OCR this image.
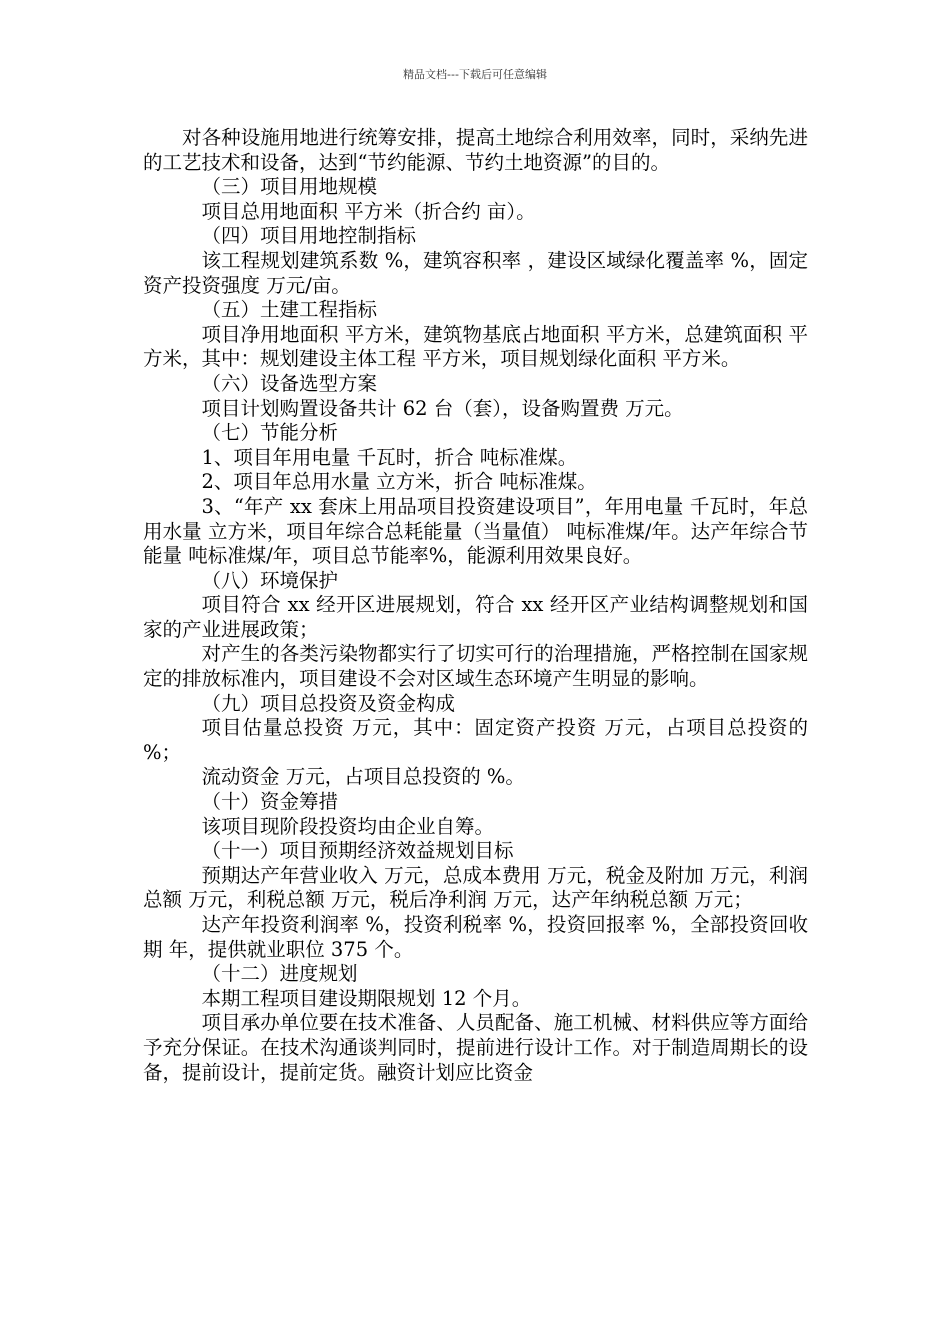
精品文档---下载后可任意编辑

对各种设施用地进行统筹安排，提高土地综合利用效率，同时，采纳先进的工艺技术和设备，达到“节约能源、节约土地资源”的目的。

（三）项目用地规模

项目总用地面积 平方米（折合约 亩）。

（四）项目用地控制指标

该工程规划建筑系数 %，建筑容积率 ，建设区域绿化覆盖率 %，固定资产投资强度 万元/亩。

（五）土建工程指标

项目净用地面积 平方米，建筑物基底占地面积 平方米，总建筑面积 平方米，其中：规划建设主体工程 平方米，项目规划绿化面积 平方米。

（六）设备选型方案

项目计划购置设备共计 62 台（套），设备购置费 万元。

（七）节能分析

1、项目年用电量 千瓦时，折合 吨标准煤。

2、项目年总用水量 立方米，折合 吨标准煤。

3、“年产 xx 套床上用品项目投资建设项目”，年用电量 千瓦时，年总用水量 立方米，项目年综合总耗能量（当量值） 吨标准煤/年。达产年综合节能量 吨标准煤/年，项目总节能率%，能源利用效果良好。

（八）环境保护

项目符合 xx 经开区进展规划，符合 xx 经开区产业结构调整规划和国家的产业进展政策；

对产生的各类污染物都实行了切实可行的治理措施，严格控制在国家规定的排放标准内，项目建设不会对区域生态环境产生明显的影响。

（九）项目总投资及资金构成

项目估量总投资 万元，其中：固定资产投资 万元，占项目总投资的 %；

流动资金 万元，占项目总投资的 %。

（十）资金筹措

该项目现阶段投资均由企业自筹。

（十一）项目预期经济效益规划目标

预期达产年营业收入 万元，总成本费用 万元，税金及附加 万元，利润总额 万元，利税总额 万元，税后净利润 万元，达产年纳税总额 万元；

达产年投资利润率 %，投资利税率 %，投资回报率 %，全部投资回收期 年，提供就业职位 375 个。

（十二）进度规划

本期工程项目建设期限规划 12 个月。

项目承办单位要在技术准备、人员配备、施工机械、材料供应等方面给予充分保证。在技术沟通谈判同时，提前进行设计工作。对于制造周期长的设备，提前设计，提前定货。融资计划应比资金
